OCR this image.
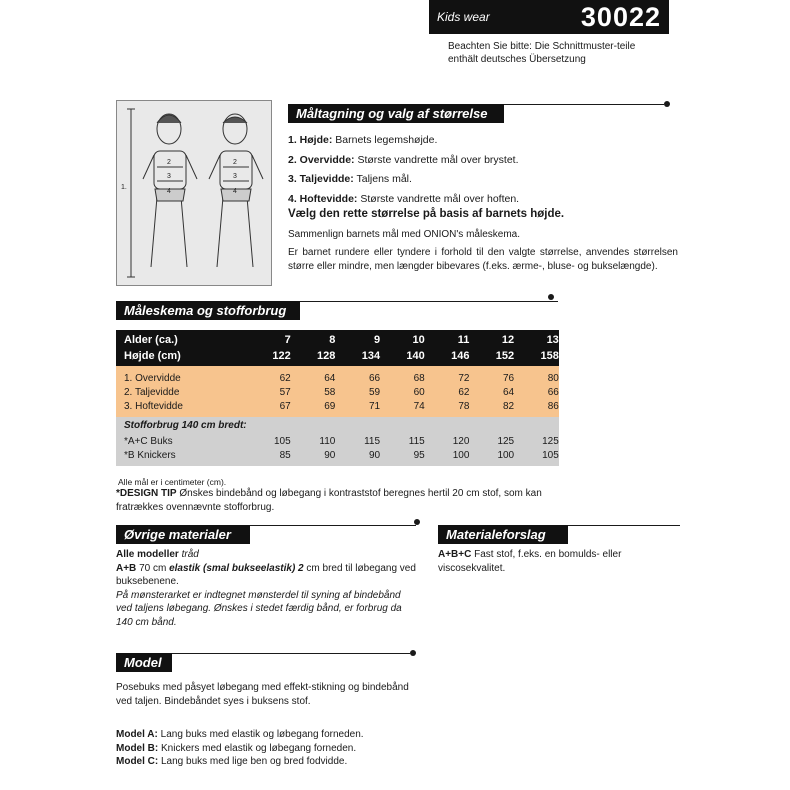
Kids wear	30022
Beachten Sie bitte: Die Schnittmuster-teile enthält deutsches Übersetzung
Måltagning og valg af størrelse
1.
2
3
4
2
3
4
1. Højde: Barnets legemshøjde.
2. Overvidde: Største vandrette mål over brystet.
3. Taljevidde: Taljens mål.
4. Hoftevidde: Største vandrette mål over hoften.
Vælg den rette størrelse på basis af barnets højde.
Sammenlign barnets mål med ONION's måleskema.
Er barnet rundere eller tyndere i forhold til den valgte størrelse, anvendes størrelsen større eller mindre, men længder bibevares (f.eks. ærme-, bluse- og bukselængde).
Måleskema og stofforbrug
Alder (ca.)	7	8	9	10	11	12	13
Højde (cm)	122	128	134	140	146	152	158
1. Overvidde	62	64	66	68	72	76	80
2. Taljevidde	57	58	59	60	62	64	66
3. Hoftevidde	67	69	71	74	78	82	86
Stofforbrug 140 cm bredt:
*A+C Buks	105	110	115	115	120	125	125
*B Knickers	85	90	90	95	100	100	105
Alle mål er i centimeter (cm).
*DESIGN TIP Ønskes bindebånd og løbegang i kontraststof beregnes hertil 20 cm stof, som kan fratrækkes ovennævnte stofforbrug.
Øvrige materialer
Alle modeller tråd
A+B 70 cm elastik (smal bukseelastik) 2 cm bred til løbegang ved buksebenene.
På mønsterarket er indtegnet mønsterdel til syning af bindebånd ved taljens løbegang. Ønskes i stedet færdig bånd, er forbrug da 140 cm bånd.
Materialeforslag
A+B+C Fast stof, f.eks. en bomulds- eller viscosekvalitet.
Model
Posebuks med påsyet løbegang med effekt-stikning og bindebånd ved taljen. Bindebåndet syes i buksens stof.
Model A: Lang buks med elastik og løbegang forneden.
Model B: Knickers med elastik og løbegang forneden.
Model C: Lang buks med lige ben og bred fodvidde.
